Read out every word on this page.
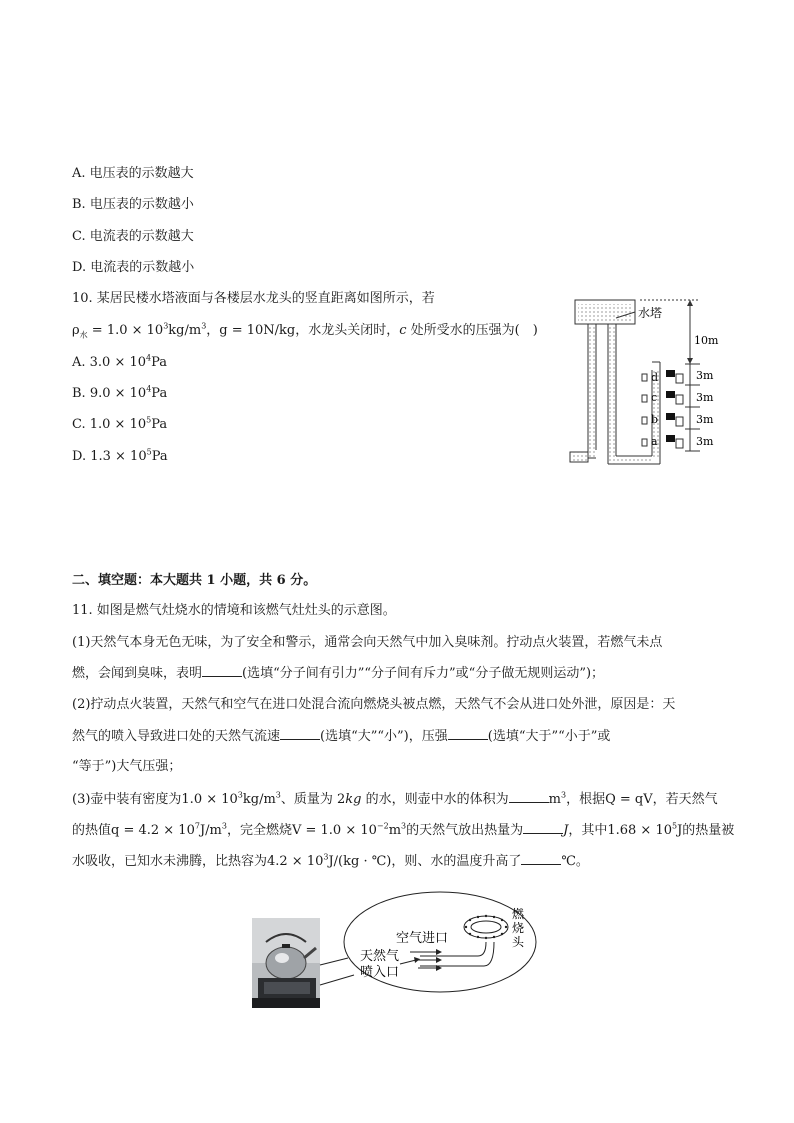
A. 电压表的示数越大
B. 电压表的示数越小
C. 电流表的示数越大
D. 电流表的示数越小
10. 某居民楼水塔液面与各楼层水龙头的竖直距离如图所示，若
$\rho_水 = 1.0 \times 10^3kg/m^3$，g = 10N/kg，水龙头关闭时，c 处所受水的压强为(　)
A. $3.0 \times 10^4Pa$
B. $9.0 \times 10^4Pa$
C. $1.0 \times 10^5Pa$
D. $1.3 \times 10^5Pa$
d
c
b
a
水塔
10m
3m
3m
3m
3m
二、填空题：本大题共 1 小题，共 6 分。
11. 如图是燃气灶烧水的情境和该燃气灶灶头的示意图。
(1)天然气本身无色无味，为了安全和警示，通常会向天然气中加入臭味剂。拧动点火装置，若燃气未点
燃，会闻到臭味，表明	(选填“分子间有引力”“分子间有斥力”或“分子做无规则运动”)；
(2)拧动点火装置，天然气和空气在进口处混合流向燃烧头被点燃，天然气不会从进口处外泄，原因是：天
然气的喷入导致进口处的天然气流速	(选填“大”“小”)，压强	(选填“大于”“小于”或
“等于”)大气压强；
(3)壶中装有密度为$1.0 \times 10^3kg/m^3$、质量为 2kg 的水，则壶中水的体积为	$m^3$，根据Q = qV，若天然气
的热值$q = 4.2 \times 10^7J/m^3$，完全燃烧$V = 1.0 \times 10^{-2}m^3$的天然气放出热量为	J，其中$1.68 \times 10^5J$的热量被
水吸收，已知水未沸腾，比热容为$4.2 \times 10^3J/(kg$ · ℃)，则、水的温度升高了	℃。
空气进口
天然气
喷入口
燃
烧
头
